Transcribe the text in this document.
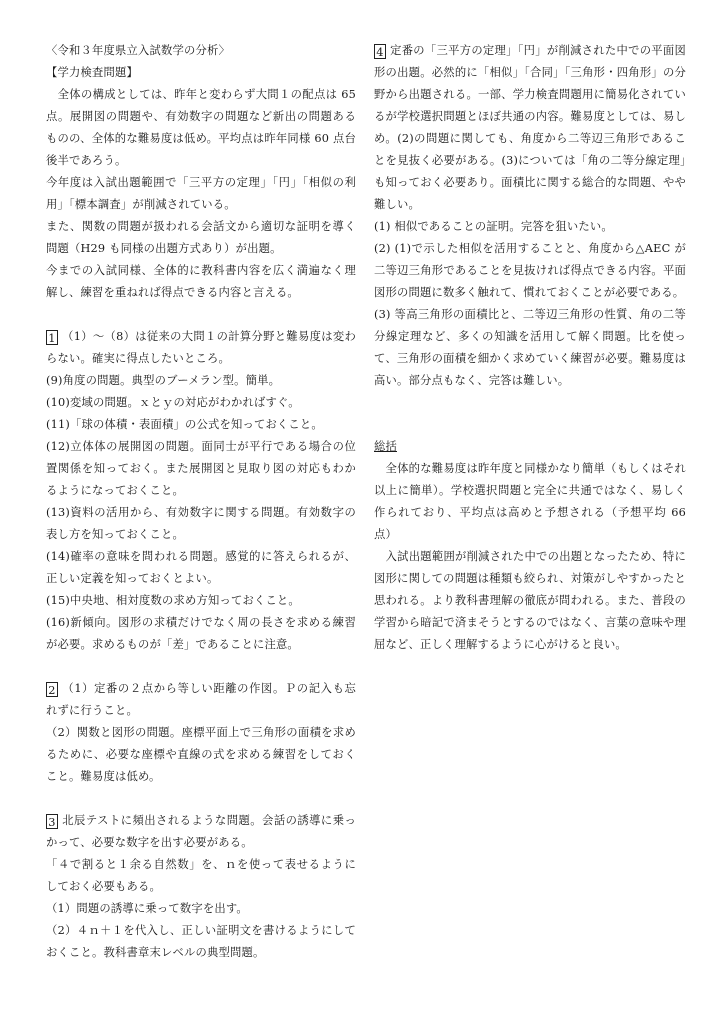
〈令和３年度県立入試数学の分析〉

【学力検査問題】

　全体の構成としては、昨年と変わらず大問１の配点は 65 点。展開図の問題や、有効数字の問題など新出の問題あるものの、全体的な難易度は低め。平均点は昨年同様 60 点台後半であろう。

今年度は入試出題範囲で「三平方の定理」「円」「相似の利用」「標本調査」が削減されている。

また、関数の問題が扱われる会話文から適切な証明を導く問題（H29 も同様の出題方式あり）が出題。

今までの入試同様、全体的に教科書内容を広く満遍なく理解し、練習を重ねれば得点できる内容と言える。

1 （1）～（8）は従来の大問１の計算分野と難易度は変わらない。確実に得点したいところ。

(9)角度の問題。典型のブーメラン型。簡単。

(10)変域の問題。ｘとｙの対応がわかればすぐ。

(11)「球の体積・表面積」の公式を知っておくこと。

(12)立体体の展開図の問題。面同士が平行である場合の位置関係を知っておく。また展開図と見取り図の対応もわかるようになっておくこと。

(13)資料の活用から、有効数字に関する問題。有効数字の表し方を知っておくこと。

(14)確率の意味を問われる問題。感覚的に答えられるが、正しい定義を知っておくとよい。

(15)中央地、相対度数の求め方知っておくこと。

(16)新傾向。図形の求積だけでなく周の長さを求める練習が必要。求めるものが「差」であることに注意。

2 （1）定番の２点から等しい距離の作図。Ｐの記入も忘れずに行うこと。

（2）関数と図形の問題。座標平面上で三角形の面積を求めるために、必要な座標や直線の式を求める練習をしておくこと。難易度は低め。

3 北辰テストに頻出されるような問題。会話の誘導に乗っかって、必要な数字を出す必要がある。

「４で割ると１余る自然数」を、ｎを使って表せるようにしておく必要もある。

（1）問題の誘導に乗って数字を出す。

（2）４ｎ＋１を代入し、正しい証明文を書けるようにしておくこと。教科書章末レベルの典型問題。

4 定番の「三平方の定理」「円」が削減された中での平面図形の出題。必然的に「相似」「合同」「三角形・四角形」の分野から出題される。一部、学力検査問題用に簡易化されているが学校選択問題とほぼ共通の内容。難易度としては、易しめ。(2)の問題に関しても、角度から二等辺三角形であることを見抜く必要がある。(3)については「角の二等分線定理」も知っておく必要あり。面積比に関する総合的な問題、やや難しい。

(1) 相似であることの証明。完答を狙いたい。

(2) (1)で示した相似を活用することと、角度から△AEC が二等辺三角形であることを見抜ければ得点できる内容。平面図形の問題に数多く触れて、慣れておくことが必要である。

(3) 等高三角形の面積比と、二等辺三角形の性質、角の二等分線定理など、多くの知識を活用して解く問題。比を使って、三角形の面積を細かく求めていく練習が必要。難易度は高い。部分点もなく、完答は難しい。

総括

　全体的な難易度は昨年度と同様かなり簡単（もしくはそれ以上に簡単）。学校選択問題と完全に共通ではなく、易しく作られており、平均点は高めと予想される（予想平均 66 点）

　入試出題範囲が削減された中での出題となったため、特に図形に関しての問題は種類も絞られ、対策がしやすかったと思われる。より教科書理解の徹底が問われる。また、普段の学習から暗記で済まそうとするのではなく、言葉の意味や理屈など、正しく理解するように心がけると良い。
